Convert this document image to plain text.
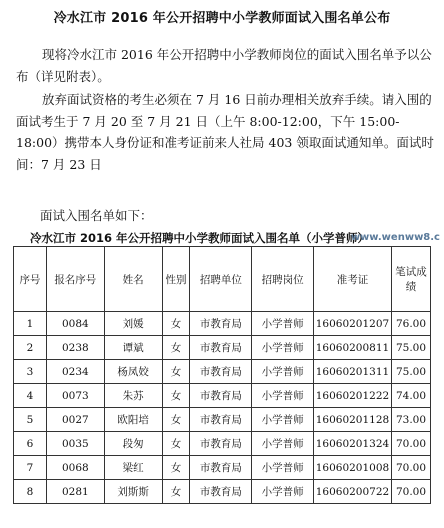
冷水江市 2016 年公开招聘中小学教师面试入围名单公布

现将冷水江市 2016 年公开招聘中小学教师岗位的面试入围名单予以公布（详见附表）。

放弃面试资格的考生必须在 7 月 16 日前办理相关放弃手续。请入围的面试考生于 7 月 20 至 7 月 21 日（上午 8:00-12:00，下午 15:00-18:00）携带本人身份证和准考证前来人社局 403 领取面试通知单。面试时间：7 月 23 日

面试入围名单如下：

冷水江市 2016 年公开招聘中小学教师面试入围名单（小学普师）
www.wenww8.c
序号	报名序号	姓名	性别	招聘单位	招聘岗位	准考证	笔试成绩
1	0084	刘媛	女	市教育局	小学普师	16060201207	76.00
2	0238	谭斌	女	市教育局	小学普师	16060200811	75.00
3	0234	杨凤姣	女	市教育局	小学普师	16060201311	75.00
4	0073	朱苏	女	市教育局	小学普师	16060201222	74.00
5	0027	欧阳培	女	市教育局	小学普师	16060201128	73.00
6	0035	段匆	女	市教育局	小学普师	16060201324	70.00
7	0068	梁红	女	市教育局	小学普师	16060201008	70.00
8	0281	刘斯斯	女	市教育局	小学普师	16060200722	70.00
